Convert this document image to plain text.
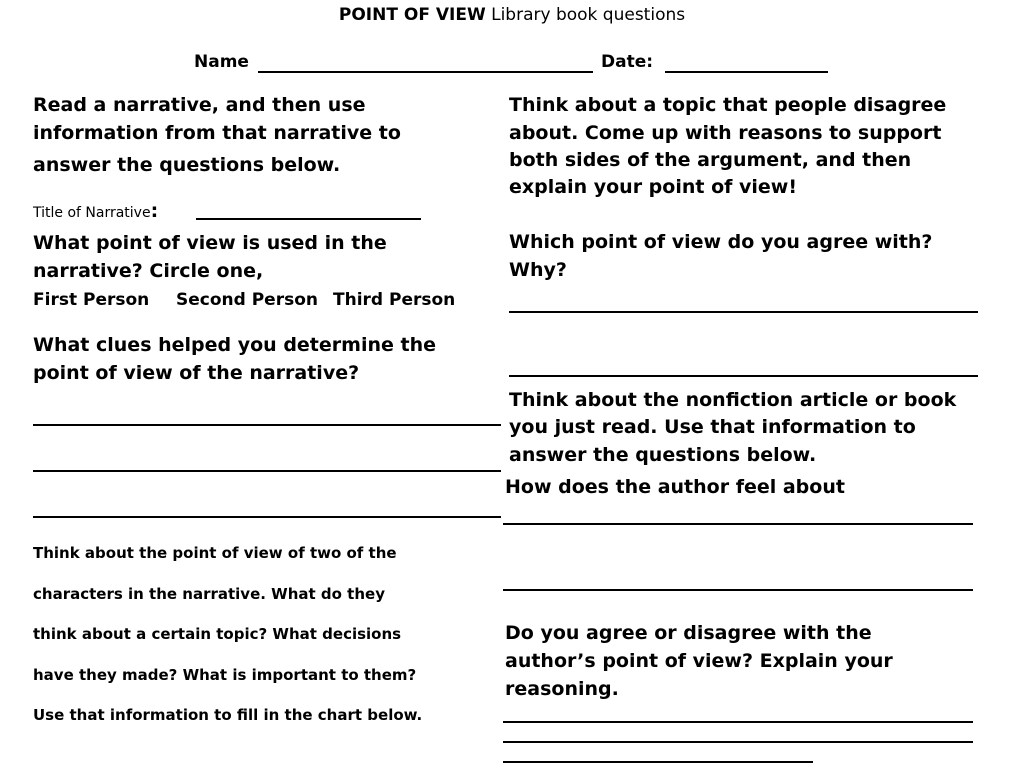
POINT OF VIEW Library book questions
Name	Date:
Read a narrative, and then use
information from that narrative to
answer the questions below.
Title of Narrative:
What point of view is used in the
narrative? Circle one,
First Person Second Person Third Person
What clues helped you determine the
point of view of the narrative?
Think about the point of view of two of the
characters in the narrative. What do they
think about a certain topic? What decisions
have they made? What is important to them?
Use that information to fill in the chart below.
Think about a topic that people disagree
about. Come up with reasons to support
both sides of the argument, and then
explain your point of view!
Which point of view do you agree with?
Why?
Think about the nonfiction article or book
you just read. Use that information to
answer the questions below.
How does the author feel about
Do you agree or disagree with the
author’s point of view? Explain your
reasoning.
